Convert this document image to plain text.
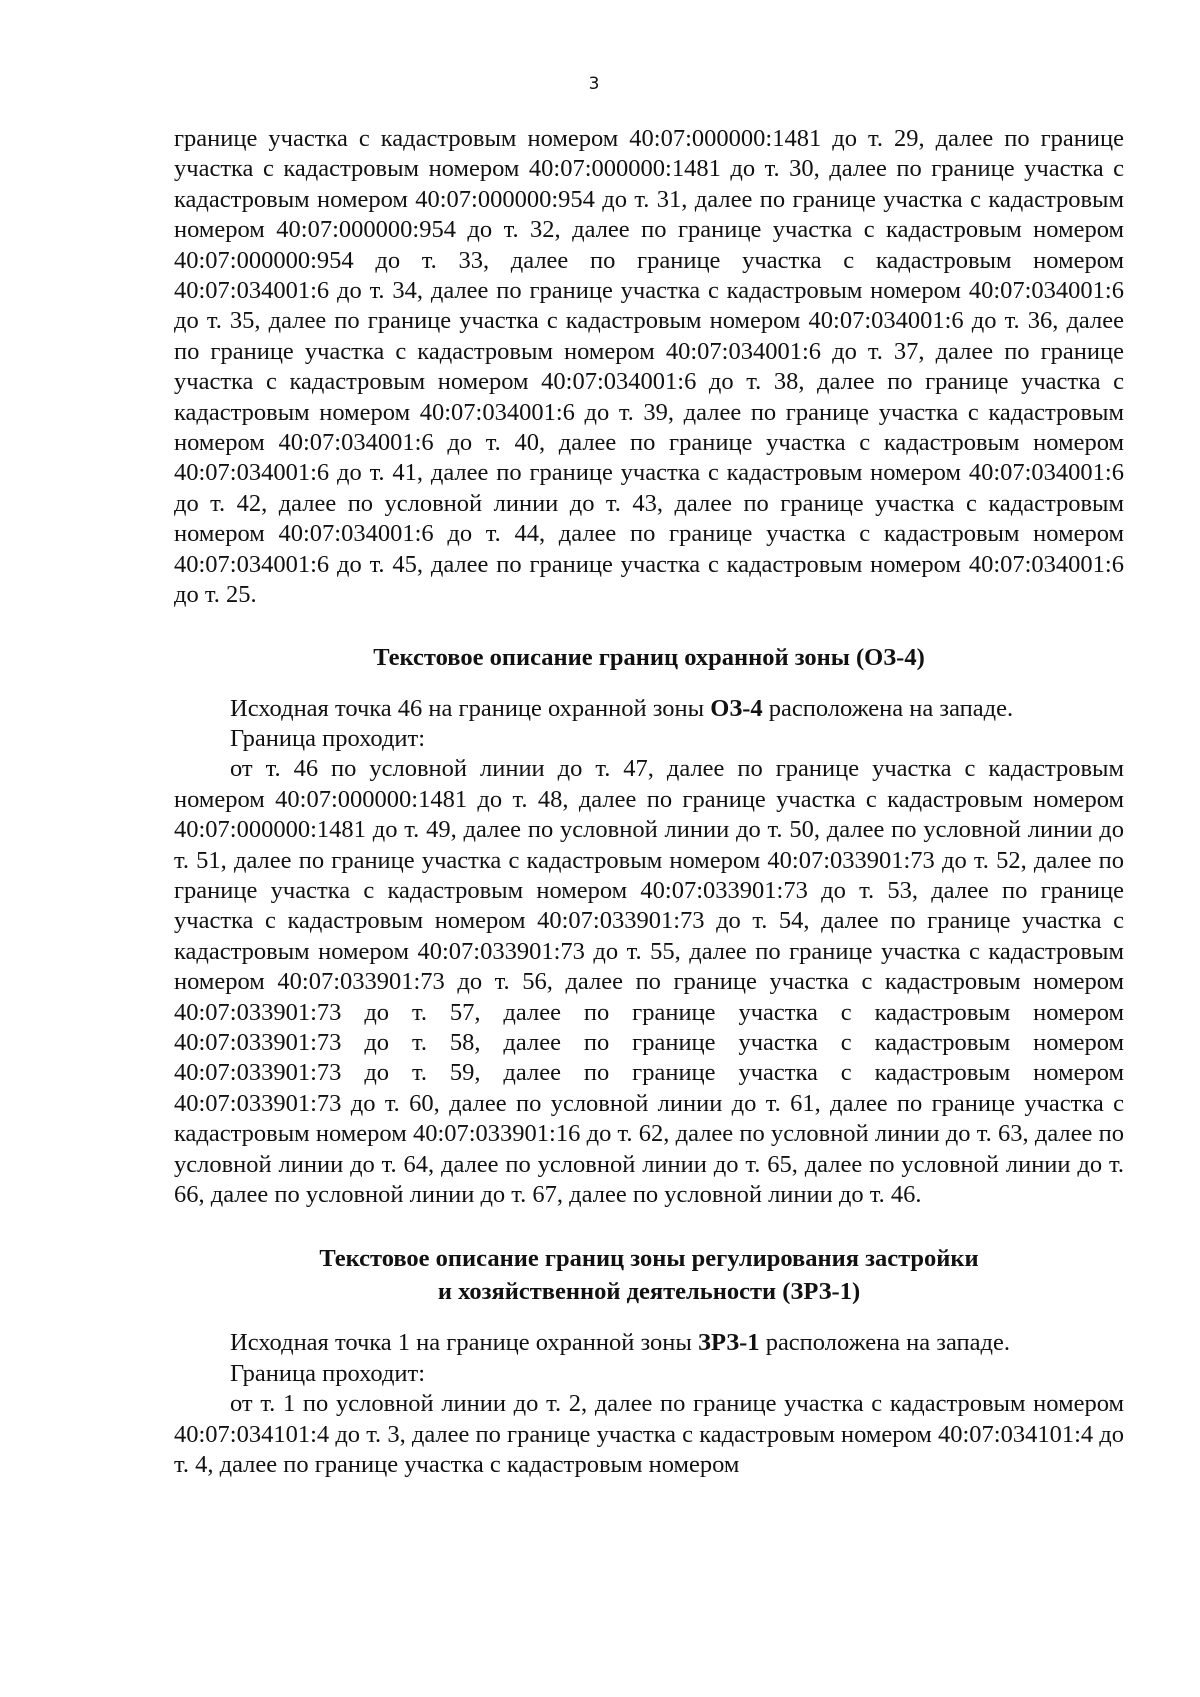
3

границе участка с кадастровым номером 40:07:000000:1481 до т. 29, далее по границе участка с кадастровым номером 40:07:000000:1481 до т. 30, далее по границе участка с кадастровым номером 40:07:000000:954 до т. 31, далее по границе участка с кадастровым номером 40:07:000000:954 до т. 32, далее по границе участка с кадастровым номером 40:07:000000:954 до т. 33, далее по границе участка с кадастровым номером 40:07:034001:6 до т. 34, далее по границе участка с кадастровым номером 40:07:034001:6 до т. 35, далее по границе участка с кадастровым номером 40:07:034001:6 до т. 36, далее по границе участка с кадастровым номером 40:07:034001:6 до т. 37, далее по границе участка с кадастровым номером 40:07:034001:6 до т. 38, далее по границе участка с кадастровым номером 40:07:034001:6 до т. 39, далее по границе участка с кадастровым номером 40:07:034001:6 до т. 40, далее по границе участка с кадастровым номером 40:07:034001:6 до т. 41, далее по границе участка с кадастровым номером 40:07:034001:6 до т. 42, далее по условной линии до т. 43, далее по границе участка с кадастровым номером 40:07:034001:6 до т. 44, далее по границе участка с кадастровым номером 40:07:034001:6 до т. 45, далее по границе участка с кадастровым номером 40:07:034001:6 до т. 25.

Текстовое описание границ охранной зоны (ОЗ-4)

Исходная точка 46 на границе охранной зоны ОЗ-4 расположена на западе.

Граница проходит:

от т. 46 по условной линии до т. 47, далее по границе участка с кадастровым номером 40:07:000000:1481 до т. 48, далее по границе участка с кадастровым номером 40:07:000000:1481 до т. 49, далее по условной линии до т. 50, далее по условной линии до т. 51, далее по границе участка с кадастровым номером 40:07:033901:73 до т. 52, далее по границе участка с кадастровым номером 40:07:033901:73 до т. 53, далее по границе участка с кадастровым номером 40:07:033901:73 до т. 54, далее по границе участка с кадастровым номером 40:07:033901:73 до т. 55, далее по границе участка с кадастровым номером 40:07:033901:73 до т. 56, далее по границе участка с кадастровым номером 40:07:033901:73 до т. 57, далее по границе участка с кадастровым номером 40:07:033901:73 до т. 58, далее по границе участка с кадастровым номером 40:07:033901:73 до т. 59, далее по границе участка с кадастровым номером 40:07:033901:73 до т. 60, далее по условной линии до т. 61, далее по границе участка с кадастровым номером 40:07:033901:16 до т. 62, далее по условной линии до т. 63, далее по условной линии до т. 64, далее по условной линии до т. 65, далее по условной линии до т. 66, далее по условной линии до т. 67, далее по условной линии до т. 46.

Текстовое описание границ зоны регулирования застройки
и хозяйственной деятельности (ЗРЗ-1)

Исходная точка 1 на границе охранной зоны ЗРЗ-1 расположена на западе.

Граница проходит:

от т. 1 по условной линии до т. 2, далее по границе участка с кадастровым номером 40:07:034101:4 до т. 3, далее по границе участка с кадастровым номером 40:07:034101:4 до т. 4, далее по границе участка с кадастровым номером
